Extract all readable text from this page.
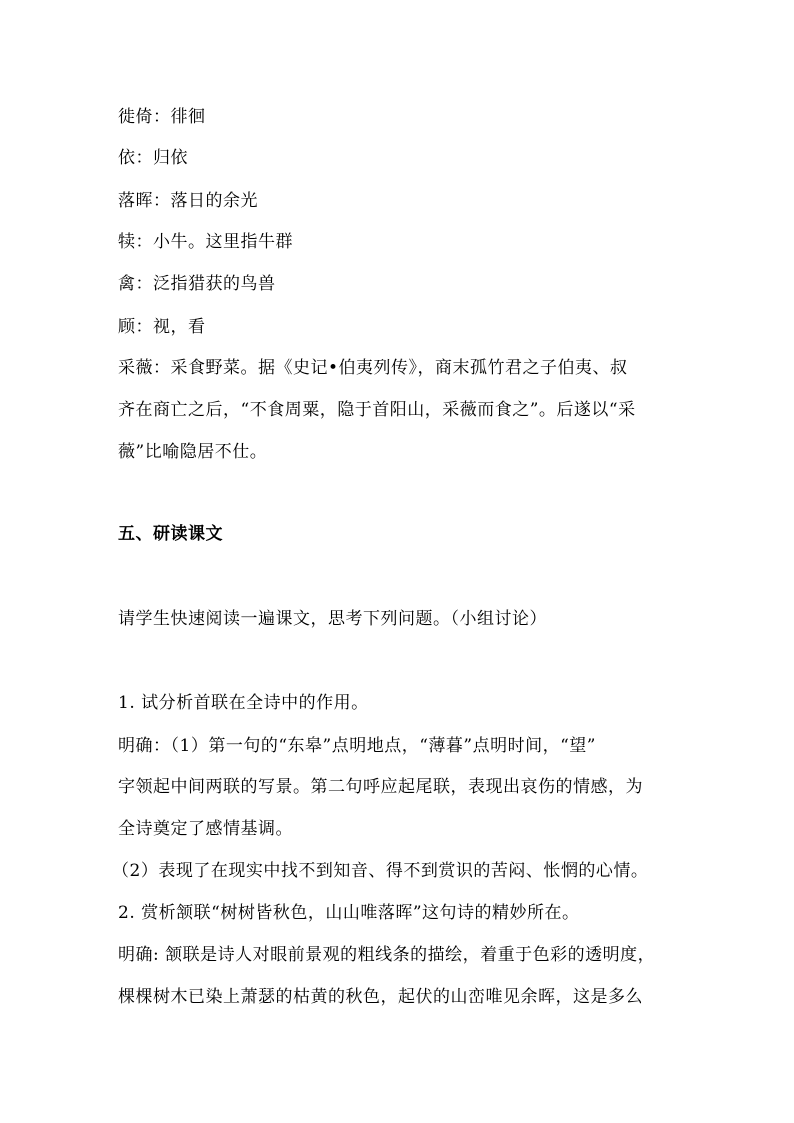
徙倚：徘徊
依：归依
落晖：落日的余光
犊：小牛。这里指牛群
禽：泛指猎获的鸟兽
顾：视，看
采薇：采食野菜。据《史记•伯夷列传》，商末孤竹君之子伯夷、叔
齐在商亡之后，“不食周粟，隐于首阳山，采薇而食之”。后遂以“采
薇”比喻隐居不仕。
五、研读课文
请学生快速阅读一遍课文，思考下列问题。（小组讨论）
1. 试分析首联在全诗中的作用。
明确：（1）第一句的“东皋”点明地点，“薄暮”点明时间，“望”
字领起中间两联的写景。第二句呼应起尾联，表现出哀伤的情感，为
全诗奠定了感情基调。
（2）表现了在现实中找不到知音、得不到赏识的苦闷、怅惘的心情。
2. 赏析颔联“树树皆秋色，山山唯落晖”这句诗的精妙所在。
明确: 颔联是诗人对眼前景观的粗线条的描绘，着重于色彩的透明度，
棵棵树木已染上萧瑟的枯黄的秋色，起伏的山峦唯见余晖，这是多么
